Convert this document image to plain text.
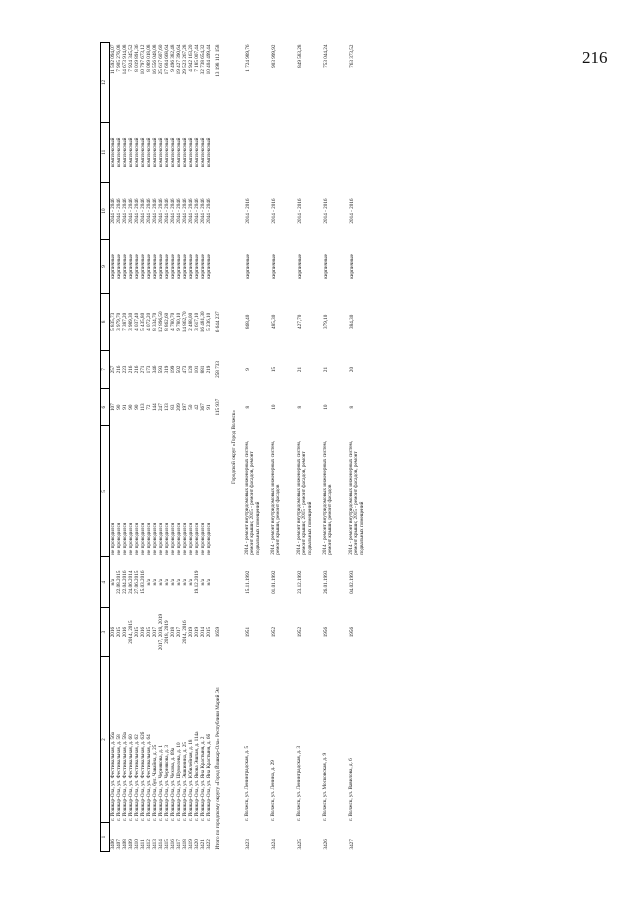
216
1	2	3	4	5	6	7	8	9	10	11	12
3406	г. Йошкар-Ола, ул. Фестивальная, д. 56а	2016	н/а	не проводился	107	257	5 835,73	кирпичные	2044 - 2046	комплексный	11 592 094,07
3407	г. Йошкар-Ола, ул. Фестивальная, д. 58	2015	22.08.2015	не проводился	90	216	3 979,70	кирпичные	2044 - 2046	комплексный	7 905 276,08
3408	г. Йошкар-Ола, ул. Фестивальная, д. 58а	2016	22.04.2016	не проводился	91	223	7 387,20	кирпичные	2044 - 2046	комплексный	14 673 914,08
3409	г. Йошкар-Ола, ул. Фестивальная, д. 60	2014, 2015	24.06.2014	не проводился	90	216	3 989,30	кирпичные	2044 - 2046	комплексный	7 924 345,52
3410	г. Йошкар-Ола, ул. Фестивальная, д. 62	2015	27.06.2015	не проводился	90	216	4 037,40	кирпичные	2044 - 2046	комплексный	8 019 891,36
3411	г. Йошкар-Ола, ул. Фестивальная, д. 62б	2016	15.03.2016	не проводился	113	271	5 435,80	кирпичные	2044 - 2046	комплексный	10 797 673,12
3412	г. Йошкар-Ола, ул. Фестивальная, д. 64	2015	н/а	не проводился	72	173	4 072,20	кирпичные	2044 - 2046	комплексный	8 089 018,08
3413	г. Йошкар-Ола, бул. Чавайна, д. 25	2017	н/а	не проводился	144	346	8 334,70	кирпичные	2044 - 2046	комплексный	16 556 048,08
3414	г. Йошкар-Ола, ул. Чернякова, д. 1	2017, 2018, 2019	н/а	не проводился	247	593	12 896,50	кирпичные	2044 - 2046	комплексный	25 617 607,60
3415	г. Йошкар-Ола, ул. Чернякова, д. 3	2018, 2019	н/а	не проводился	133	319	8 862,60	кирпичные	2044 - 2046	комплексный	17 604 668,64
3416	г. Йошкар-Ола, ул. Чехова, д. 69а	2018	н/а	не проводился	83	199	4 780,70	кирпичные	2044 - 2046	комплексный	9 496 382,48
3417	г. Йошкар-Ола, ул. Шумелева, д. 10	2017	н/а	не проводился	209	502	9 780,10	кирпичные	2044 - 2046	комплексный	19 427 390,64
3418	г. Йошкар-Ола, ул. Эшкинина, д. 25	2014, 2016	н/а	не проводился	197	473	14 862,70	кирпичные	2044 - 2046	комплексный	29 523 267,28
3419	г. Йошкар-Ола, ул. Юбилейная, д. 18	2019	н/а	не проводился	50	120	2 488,00	кирпичные	2044 - 2046	комплексный	4 942 163,20
3420	г. Йошкар-Ола, ул. Якова Эшпая, д. 114а	2019	19.12.2019	не проводился	42	101	3 617,10	кирпичные	2044 - 2046	комплексный	7 185 007,44
3421	г. Йошкар-Ола, ул. Яна Крастыня, д. 2	2014	н/а	не проводился	367	881	16 481,30	кирпичные	2044 - 2046	комплексный	32 738 654,32
3422	г. Йошкар-Ола, ул. Яна Крастыня, д. 6б	2015	н/а	не проводился	91	219	5 236,10	кирпичные	2044 - 2046	комплексный	10 404 499,44
Итого по городскому округу «Город Йошкар-Ола» Республики Марий Эл		1659			115 937	258 733	6 644 237				13 198 112 158
Городской округ «Город Волжск»											
3423	г. Волжск, ул. Ленинградская, д. 5	1951	15.11.1992	2014 - ремонт внутридомовых инженерных систем, ремонт крыши; 2015 - ремонт фасадов, ремонт подвальных помещений	8	9	868,40	кирпичные	2014 - 2016		1 724 989,76
3424	г. Волжск, ул. Ленина, д. 29	1952	01.01.1992	2014 - ремонт внутридомовых инженерных систем, ремонт крыши, ремонт фасадов	10	15	485,30	кирпичные	2014 - 2016		903 999,92
3425	г. Волжск, ул. Ленинградская, д. 3	1952	23.12.1992	2014 - ремонт внутридомовых инженерных систем, ремонт крыши; 2015 - ремонт фасадов, ремонт подвальных помещений	8	21	427,70	кирпичные	2014 - 2016		849 583,28
3426	г. Волжск, ул. Московская, д. 9	1956	26.01.1993	2014 - ремонт внутридомовых инженерных систем, ремонт крыши, ремонт фасадов	10	21	379,10	кирпичные	2014 - 2016		753 044,24
3427	г. Волжск, ул. Вавилова, д. 6	1956	04.02.1993	2014 - ремонт внутридомовых инженерных систем, ремонт крыши; 2015 - ремонт фасадов, ремонт подвальных помещений	8	20	384,30	кирпичные	2014 - 2016		763 373,52
